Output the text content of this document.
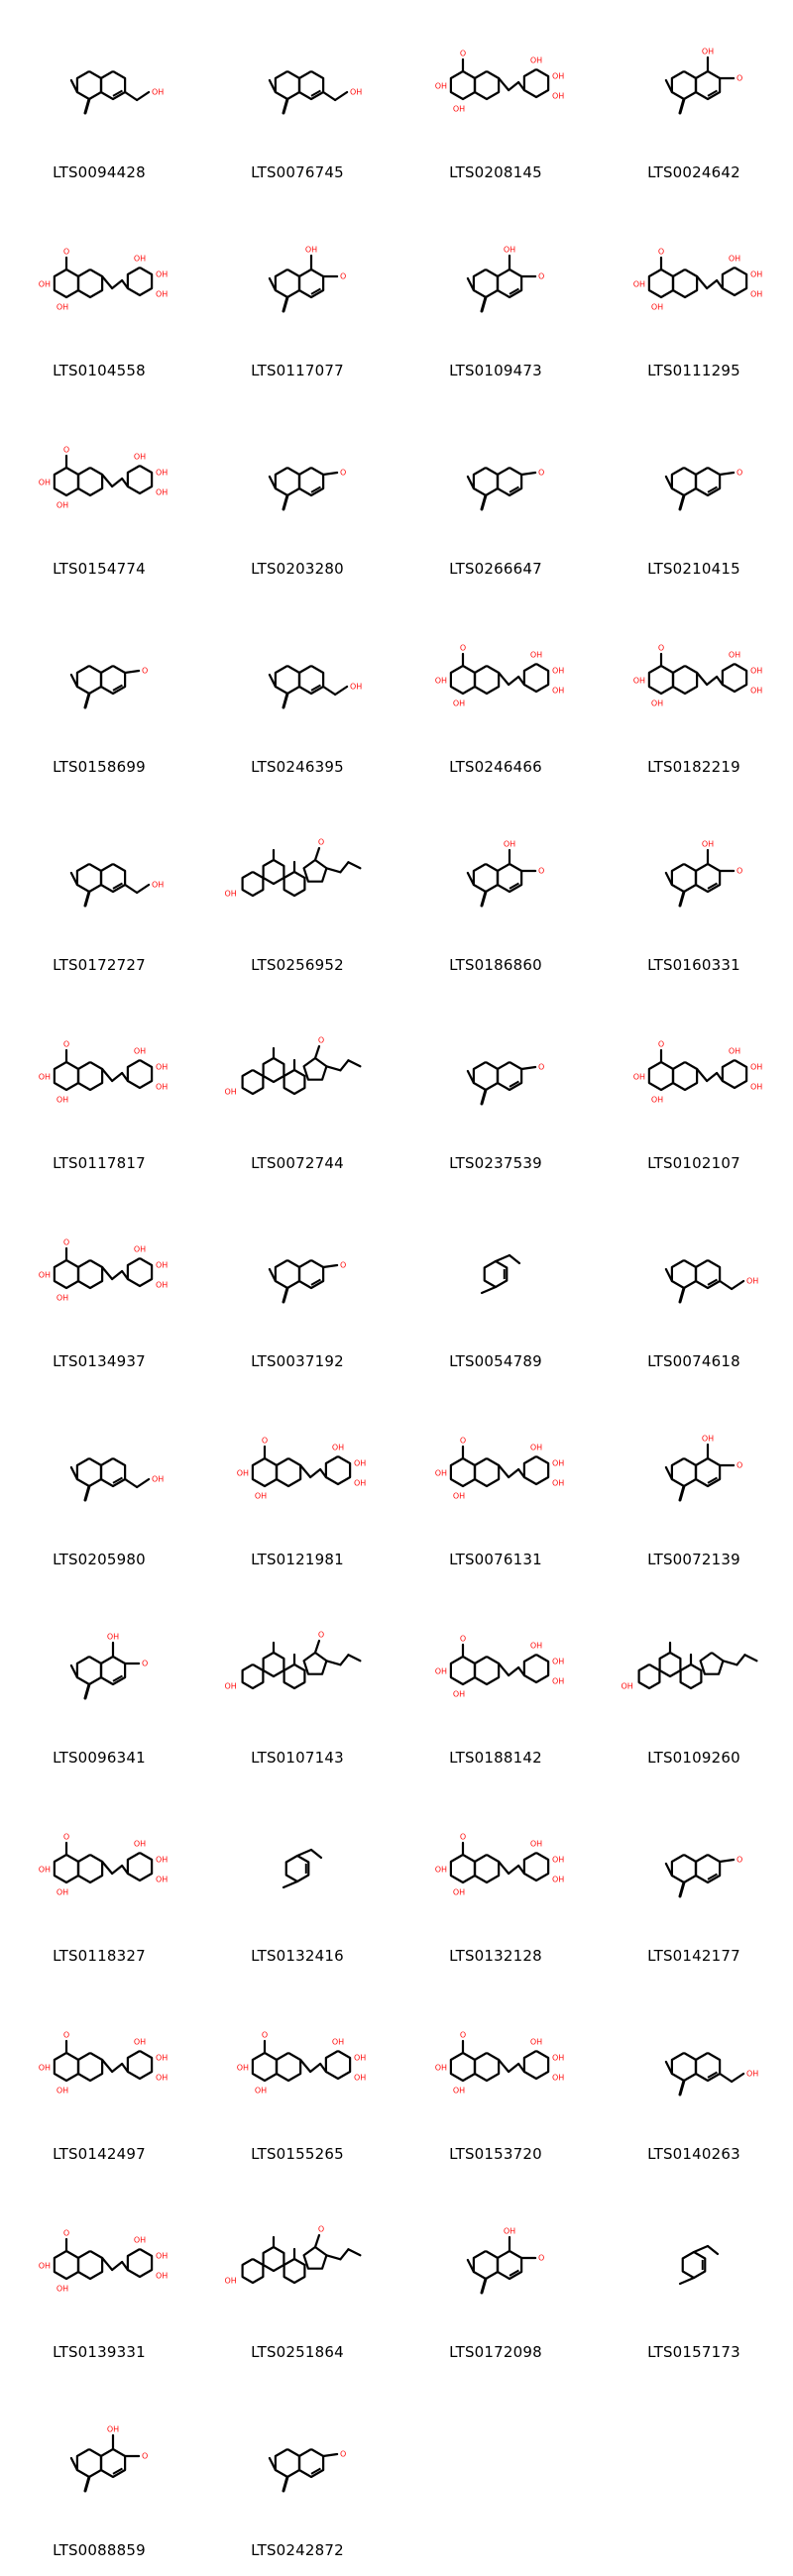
OH
LTS0094428
OH
LTS0076745
OH
OH
OH
OH
OH
O
LTS0208145
OH
O
LTS0024642
OH
OH
OH
OH
OH
O
LTS0104558
OH
O
LTS0117077
OH
O
LTS0109473
OH
OH
OH
OH
OH
O
LTS0111295
OH
OH
OH
OH
OH
O
LTS0154774
O
LTS0203280
O
LTS0266647
O
LTS0210415
O
LTS0158699
OH
LTS0246395
OH
OH
OH
OH
OH
O
LTS0246466
OH
OH
OH
OH
OH
O
LTS0182219
OH
LTS0172727
OH
O
LTS0256952
OH
O
LTS0186860
OH
O
LTS0160331
OH
OH
OH
OH
OH
O
LTS0117817
OH
O
LTS0072744
O
LTS0237539
OH
OH
OH
OH
OH
O
LTS0102107
OH
OH
OH
OH
OH
O
LTS0134937
O
LTS0037192	LTS0054789
OH
LTS0074618
OH
LTS0205980
OH
OH
OH
OH
OH
O
LTS0121981
OH
OH
OH
OH
OH
O
LTS0076131
OH
O
LTS0072139
OH
O
LTS0096341
OH
O
LTS0107143
OH
OH
OH
OH
OH
O
LTS0188142
OH
LTS0109260
OH
OH
OH
OH
OH
O
LTS0118327	LTS0132416
OH
OH
OH
OH
OH
O
LTS0132128
O
LTS0142177
OH
OH
OH
OH
OH
O
LTS0142497
OH
OH
OH
OH
OH
O
LTS0155265
OH
OH
OH
OH
OH
O
LTS0153720
OH
LTS0140263
OH
OH
OH
OH
OH
O
LTS0139331
OH
O
LTS0251864
OH
O
LTS0172098	LTS0157173
OH
O
LTS0088859
O
LTS0242872
